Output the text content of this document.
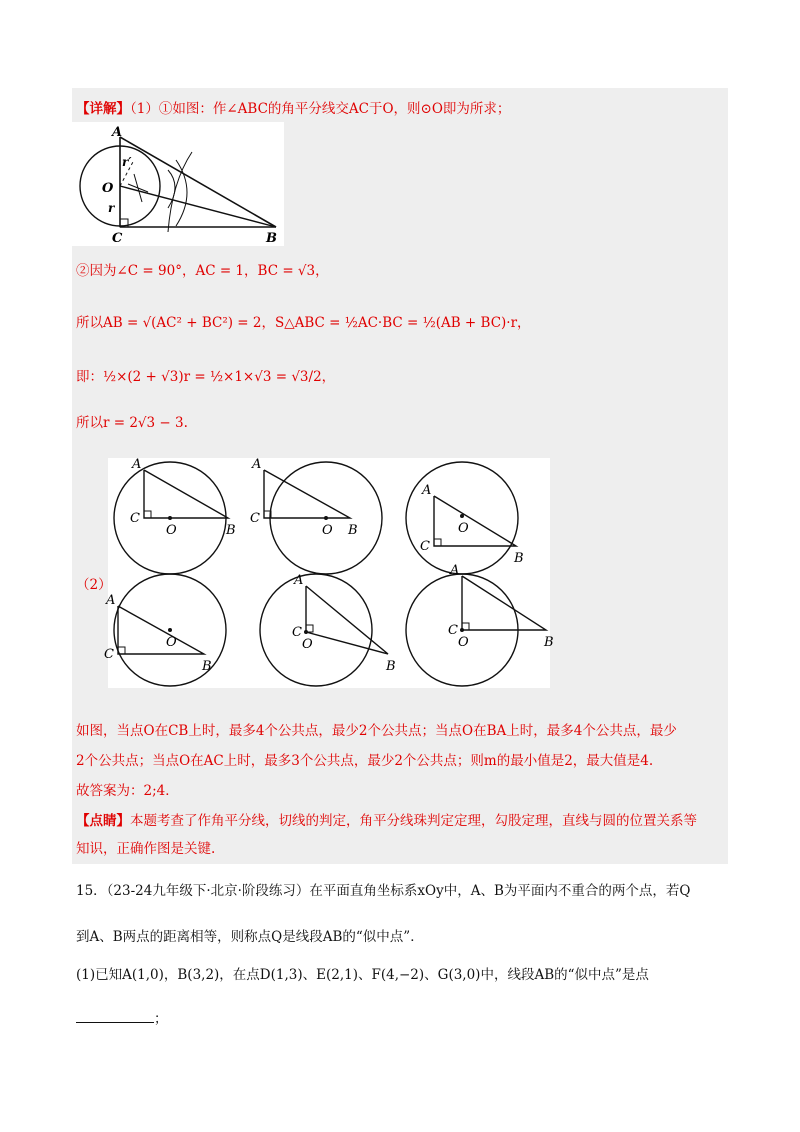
【详解】（1）①如图：作∠ABC的角平分线交AC于O，则⊙O即为所求；
A
O
C	B
r′
r
②因为∠C = 90°，AC = 1，BC = √3，
所以AB = √(AC² + BC²) = 2，S△ABC = ½AC·BC = ½(AB + BC)·r，
即：½×(2 + √3)r = ½×1×√3 = √3/2，
所以r = 2√3 − 3.
A
C
B
O
A
C
B
O
A
C
B
O
A
C
B
O
A
C
B
O
A
C
B
O
（2）
如图，当点O在CB上时，最多4个公共点，最少2个公共点；当点O在BA上时，最多4个公共点，最少
2个公共点；当点O在AC上时，最多3个公共点，最少2个公共点；则m的最小值是2，最大值是4.
故答案为：2;4．
【点睛】本题考查了作角平分线，切线的判定，角平分线珠判定定理，勾股定理，直线与圆的位置关系等
知识，正确作图是关键.
15．（23-24九年级下·北京·阶段练习）在平面直角坐标系xOy中，A、B为平面内不重合的两个点，若Q
到A、B两点的距离相等，则称点Q是线段AB的“似中点”．
(1)已知A(1,0)，B(3,2)，在点D(1,3)、E(2,1)、F(4,−2)、G(3,0)中，线段AB的“似中点”是点
；
